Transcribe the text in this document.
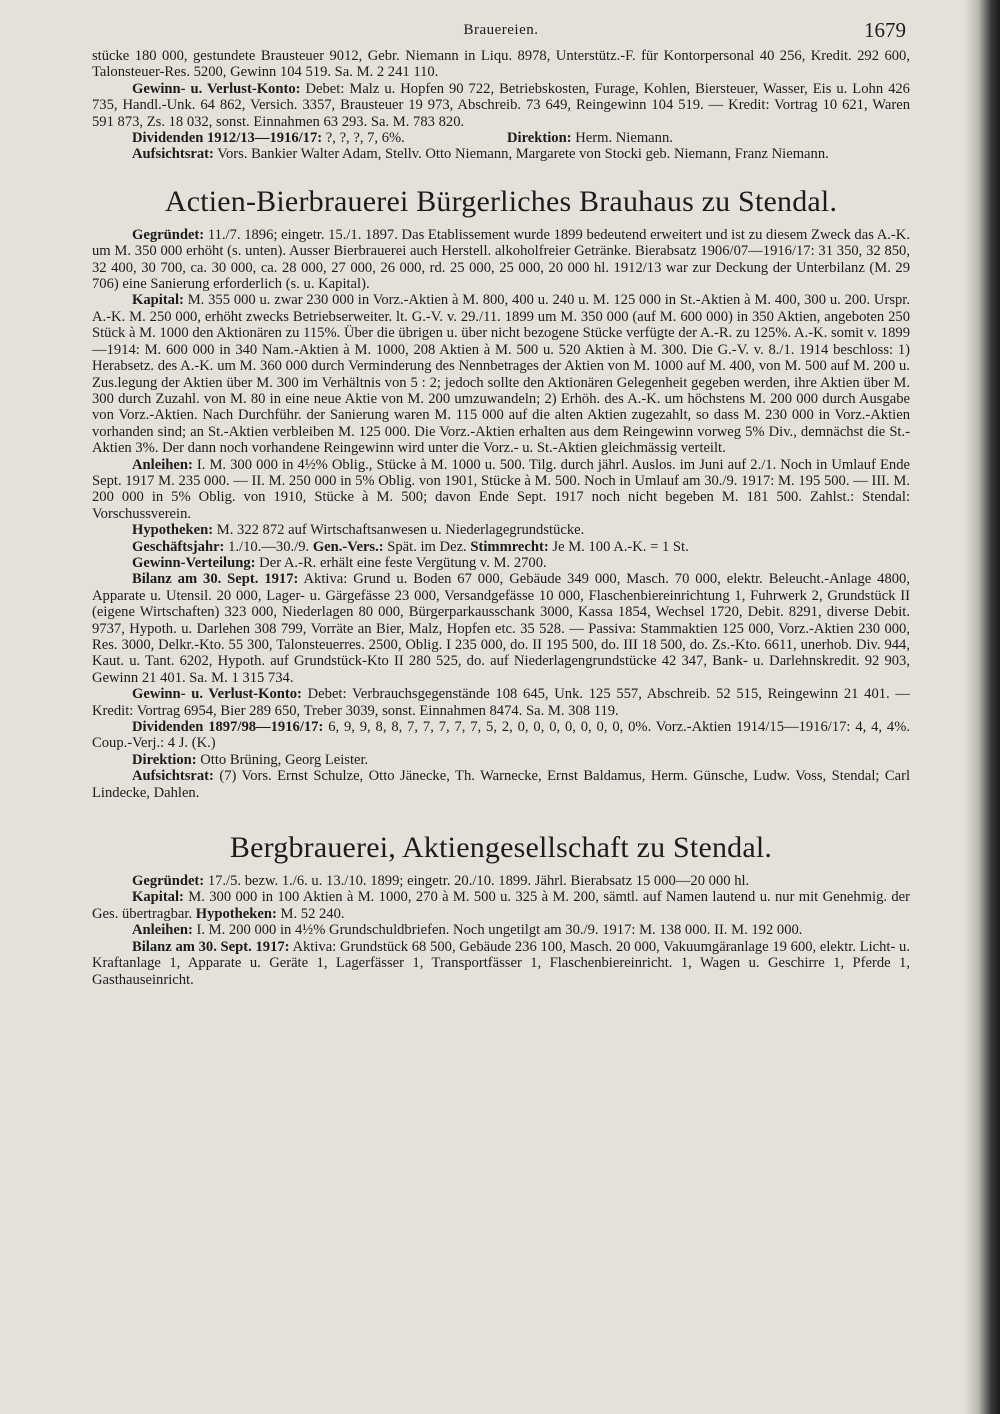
Brauereien.	1679

stücke 180 000, gestundete Brausteuer 9012, Gebr. Niemann in Liqu. 8978, Unterstütz.-F. für Kontorpersonal 40 256, Kredit. 292 600, Talonsteuer-Res. 5200, Gewinn 104 519. Sa. M. 2 241 110.

Gewinn- u. Verlust-Konto: Debet: Malz u. Hopfen 90 722, Betriebskosten, Furage, Kohlen, Biersteuer, Wasser, Eis u. Lohn 426 735, Handl.-Unk. 64 862, Versich. 3357, Brausteuer 19 973, Abschreib. 73 649, Reingewinn 104 519. — Kredit: Vortrag 10 621, Waren 591 873, Zs. 18 032, sonst. Einnahmen 63 293. Sa. M. 783 820.

Dividenden 1912/13—1916/17: ?, ?, ?, 7, 6%.	Direktion: Herm. Niemann.

Aufsichtsrat: Vors. Bankier Walter Adam, Stellv. Otto Niemann, Margarete von Stocki geb. Niemann, Franz Niemann.

Actien-Bierbrauerei Bürgerliches Brauhaus zu Stendal.

Gegründet: 11./7. 1896; eingetr. 15./1. 1897. Das Etablissement wurde 1899 bedeutend erweitert und ist zu diesem Zweck das A.-K. um M. 350 000 erhöht (s. unten). Ausser Bierbrauerei auch Herstell. alkoholfreier Getränke. Bierabsatz 1906/07—1916/17: 31 350, 32 850, 32 400, 30 700, ca. 30 000, ca. 28 000, 27 000, 26 000, rd. 25 000, 25 000, 20 000 hl. 1912/13 war zur Deckung der Unterbilanz (M. 29 706) eine Sanierung erforderlich (s. u. Kapital).

Kapital: M. 355 000 u. zwar 230 000 in Vorz.-Aktien à M. 800, 400 u. 240 u. M. 125 000 in St.-Aktien à M. 400, 300 u. 200. Urspr. A.-K. M. 250 000, erhöht zwecks Betriebserweiter. lt. G.-V. v. 29./11. 1899 um M. 350 000 (auf M. 600 000) in 350 Aktien, angeboten 250 Stück à M. 1000 den Aktionären zu 115%. Über die übrigen u. über nicht bezogene Stücke verfügte der A.-R. zu 125%. A.-K. somit v. 1899—1914: M. 600 000 in 340 Nam.-Aktien à M. 1000, 208 Aktien à M. 500 u. 520 Aktien à M. 300. Die G.-V. v. 8./1. 1914 beschloss: 1) Herabsetz. des A.-K. um M. 360 000 durch Verminderung des Nennbetrages der Aktien von M. 1000 auf M. 400, von M. 500 auf M. 200 u. Zus.legung der Aktien über M. 300 im Verhältnis von 5 : 2; jedoch sollte den Aktionären Gelegenheit gegeben werden, ihre Aktien über M. 300 durch Zuzahl. von M. 80 in eine neue Aktie von M. 200 umzuwandeln; 2) Erhöh. des A.-K. um höchstens M. 200 000 durch Ausgabe von Vorz.-Aktien. Nach Durchführ. der Sanierung waren M. 115 000 auf die alten Aktien zugezahlt, so dass M. 230 000 in Vorz.-Aktien vorhanden sind; an St.-Aktien verbleiben M. 125 000. Die Vorz.-Aktien erhalten aus dem Reingewinn vorweg 5% Div., demnächst die St.-Aktien 3%. Der dann noch vorhandene Reingewinn wird unter die Vorz.- u. St.-Aktien gleichmässig verteilt.

Anleihen: I. M. 300 000 in 4½% Oblig., Stücke à M. 1000 u. 500. Tilg. durch jährl. Auslos. im Juni auf 2./1. Noch in Umlauf Ende Sept. 1917 M. 235 000. — II. M. 250 000 in 5% Oblig. von 1901, Stücke à M. 500. Noch in Umlauf am 30./9. 1917: M. 195 500. — III. M. 200 000 in 5% Oblig. von 1910, Stücke à M. 500; davon Ende Sept. 1917 noch nicht begeben M. 181 500. Zahlst.: Stendal: Vorschussverein.

Hypotheken: M. 322 872 auf Wirtschaftsanwesen u. Niederlagegrundstücke.

Geschäftsjahr: 1./10.—30./9. Gen.-Vers.: Spät. im Dez. Stimmrecht: Je M. 100 A.-K. = 1 St.

Gewinn-Verteilung: Der A.-R. erhält eine feste Vergütung v. M. 2700.

Bilanz am 30. Sept. 1917: Aktiva: Grund u. Boden 67 000, Gebäude 349 000, Masch. 70 000, elektr. Beleucht.-Anlage 4800, Apparate u. Utensil. 20 000, Lager- u. Gärgefässe 23 000, Versandgefässe 10 000, Flaschenbiereinrichtung 1, Fuhrwerk 2, Grundstück II (eigene Wirtschaften) 323 000, Niederlagen 80 000, Bürgerparkausschank 3000, Kassa 1854, Wechsel 1720, Debit. 8291, diverse Debit. 9737, Hypoth. u. Darlehen 308 799, Vorräte an Bier, Malz, Hopfen etc. 35 528. — Passiva: Stammaktien 125 000, Vorz.-Aktien 230 000, Res. 3000, Delkr.-Kto. 55 300, Talonsteuerres. 2500, Oblig. I 235 000, do. II 195 500, do. III 18 500, do. Zs.-Kto. 6611, unerhob. Div. 944, Kaut. u. Tant. 6202, Hypoth. auf Grundstück-Kto II 280 525, do. auf Niederlagengrundstücke 42 347, Bank- u. Darlehnskredit. 92 903, Gewinn 21 401. Sa. M. 1 315 734.

Gewinn- u. Verlust-Konto: Debet: Verbrauchsgegenstände 108 645, Unk. 125 557, Abschreib. 52 515, Reingewinn 21 401. — Kredit: Vortrag 6954, Bier 289 650, Treber 3039, sonst. Einnahmen 8474. Sa. M. 308 119.

Dividenden 1897/98—1916/17: 6, 9, 9, 8, 8, 7, 7, 7, 7, 7, 5, 2, 0, 0, 0, 0, 0, 0, 0, 0%. Vorz.-Aktien 1914/15—1916/17: 4, 4, 4%. Coup.-Verj.: 4 J. (K.)

Direktion: Otto Brüning, Georg Leister.

Aufsichtsrat: (7) Vors. Ernst Schulze, Otto Jänecke, Th. Warnecke, Ernst Baldamus, Herm. Günsche, Ludw. Voss, Stendal; Carl Lindecke, Dahlen.

Bergbrauerei, Aktiengesellschaft zu Stendal.

Gegründet: 17./5. bezw. 1./6. u. 13./10. 1899; eingetr. 20./10. 1899. Jährl. Bierabsatz 15 000—20 000 hl.

Kapital: M. 300 000 in 100 Aktien à M. 1000, 270 à M. 500 u. 325 à M. 200, sämtl. auf Namen lautend u. nur mit Genehmig. der Ges. übertragbar. Hypotheken: M. 52 240.

Anleihen: I. M. 200 000 in 4½% Grundschuldbriefen. Noch ungetilgt am 30./9. 1917: M. 138 000. II. M. 192 000.

Bilanz am 30. Sept. 1917: Aktiva: Grundstück 68 500, Gebäude 236 100, Masch. 20 000, Vakuumgäranlage 19 600, elektr. Licht- u. Kraftanlage 1, Apparate u. Geräte 1, Lagerfässer 1, Transportfässer 1, Flaschenbiereinricht. 1, Wagen u. Geschirre 1, Pferde 1, Gasthauseinricht.
